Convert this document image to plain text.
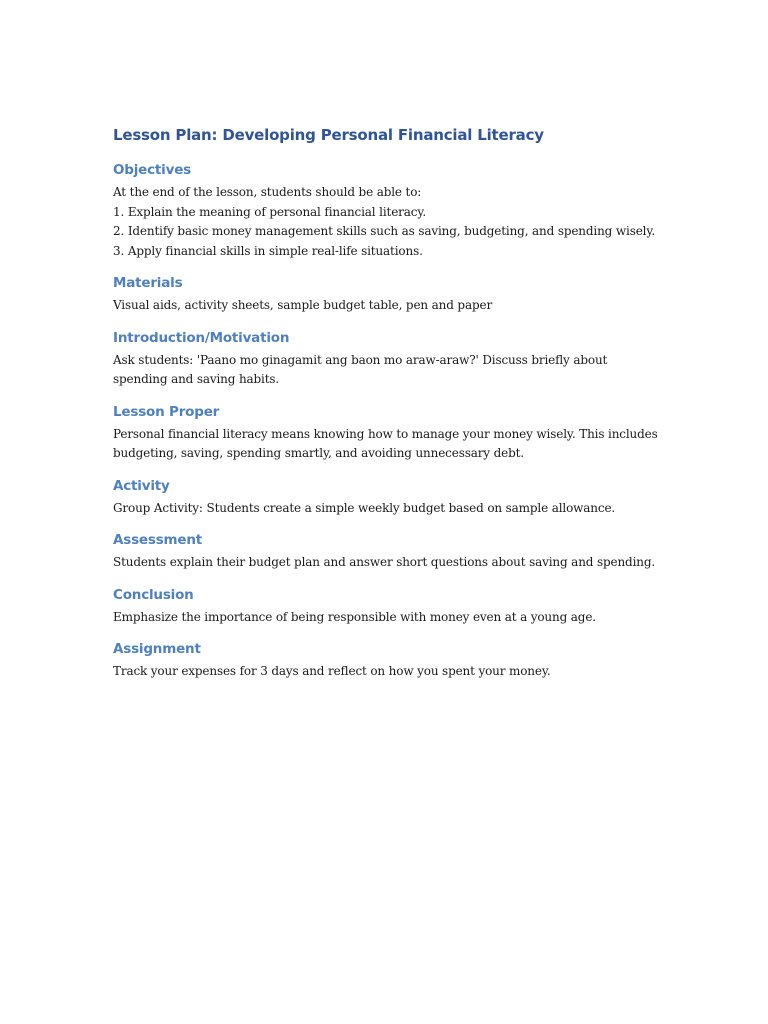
Lesson Plan: Developing Personal Financial Literacy
Objectives

At the end of the lesson, students should be able to:

1. Explain the meaning of personal financial literacy.

2. Identify basic money management skills such as saving, budgeting, and spending wisely.

3. Apply financial skills in simple real-life situations.

Materials

Visual aids, activity sheets, sample budget table, pen and paper

Introduction/Motivation

Ask students: 'Paano mo ginagamit ang baon mo araw-araw?' Discuss briefly about

spending and saving habits.

Lesson Proper

Personal financial literacy means knowing how to manage your money wisely. This includes

budgeting, saving, spending smartly, and avoiding unnecessary debt.

Activity

Group Activity: Students create a simple weekly budget based on sample allowance.

Assessment

Students explain their budget plan and answer short questions about saving and spending.

Conclusion

Emphasize the importance of being responsible with money even at a young age.

Assignment

Track your expenses for 3 days and reflect on how you spent your money.
